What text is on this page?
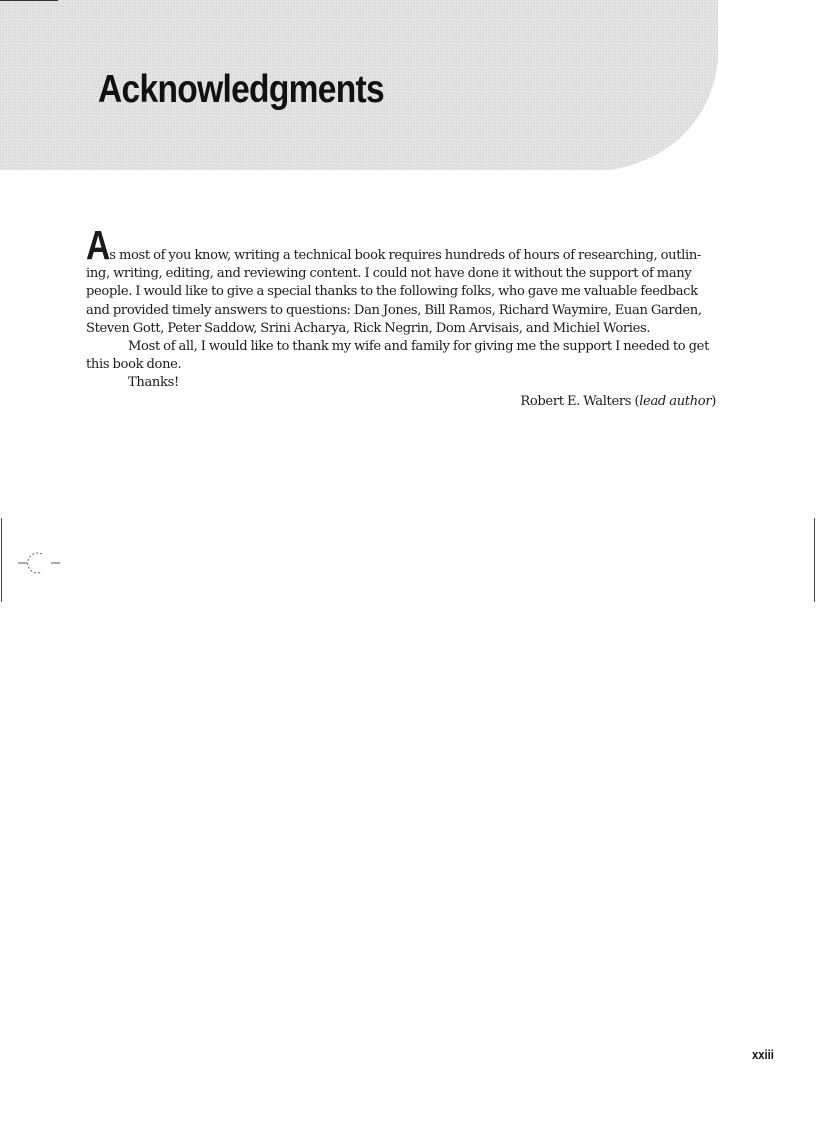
Acknowledgments

As most of you know, writing a technical book requires hundreds of hours of researching, outlin-
ing, writing, editing, and reviewing content. I could not have done it without the support of many
people. I would like to give a special thanks to the following folks, who gave me valuable feedback
and provided timely answers to questions: Dan Jones, Bill Ramos, Richard Waymire, Euan Garden,
Steven Gott, Peter Saddow, Srini Acharya, Rick Negrin, Dom Arvisais, and Michiel Wories.

Most of all, I would like to thank my wife and family for giving me the support I needed to get
this book done.

Thanks!

Robert E. Walters (lead author)

xxiii
